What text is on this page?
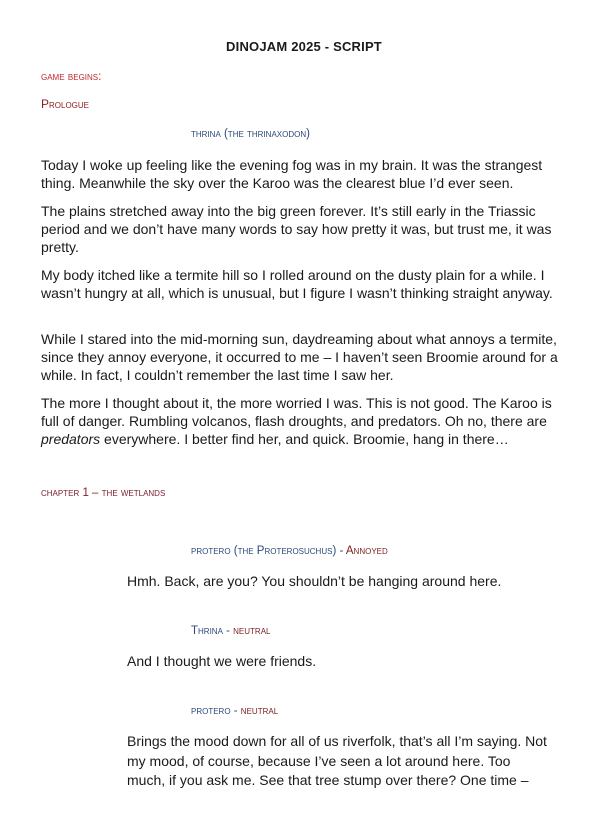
DINOJAM 2025 - SCRIPT
game begins:
Prologue
thrina (the thrinaxodon)

Today I woke up feeling like the evening fog was in my brain. It was the strangest thing. Meanwhile the sky over the Karoo was the clearest blue I’d ever seen.

The plains stretched away into the big green forever. It’s still early in the Triassic period and we don’t have many words to say how pretty it was, but trust me, it was pretty.

My body itched like a termite hill so I rolled around on the dusty plain for a while. I wasn’t hungry at all, which is unusual, but I figure I wasn’t thinking straight anyway.

While I stared into the mid-morning sun, daydreaming about what annoys a termite, since they annoy everyone, it occurred to me – I haven’t seen Broomie around for a while. In fact, I couldn’t remember the last time I saw her.

The more I thought about it, the more worried I was. This is not good. The Karoo is full of danger. Rumbling volcanos, flash droughts, and predators. Oh no, there are predators everywhere. I better find her, and quick. Broomie, hang in there…

chapter 1 – the wetlands
protero (the Proterosuchus) - Annoyed

Hmh. Back, are you? You shouldn’t be hanging around here.

Thrina - neutral

And I thought we were friends.

protero - neutral

Brings the mood down for all of us riverfolk, that’s all I’m saying. Not my mood, of course, because I’ve seen a lot around here. Too much, if you ask me. See that tree stump over there? One time –
